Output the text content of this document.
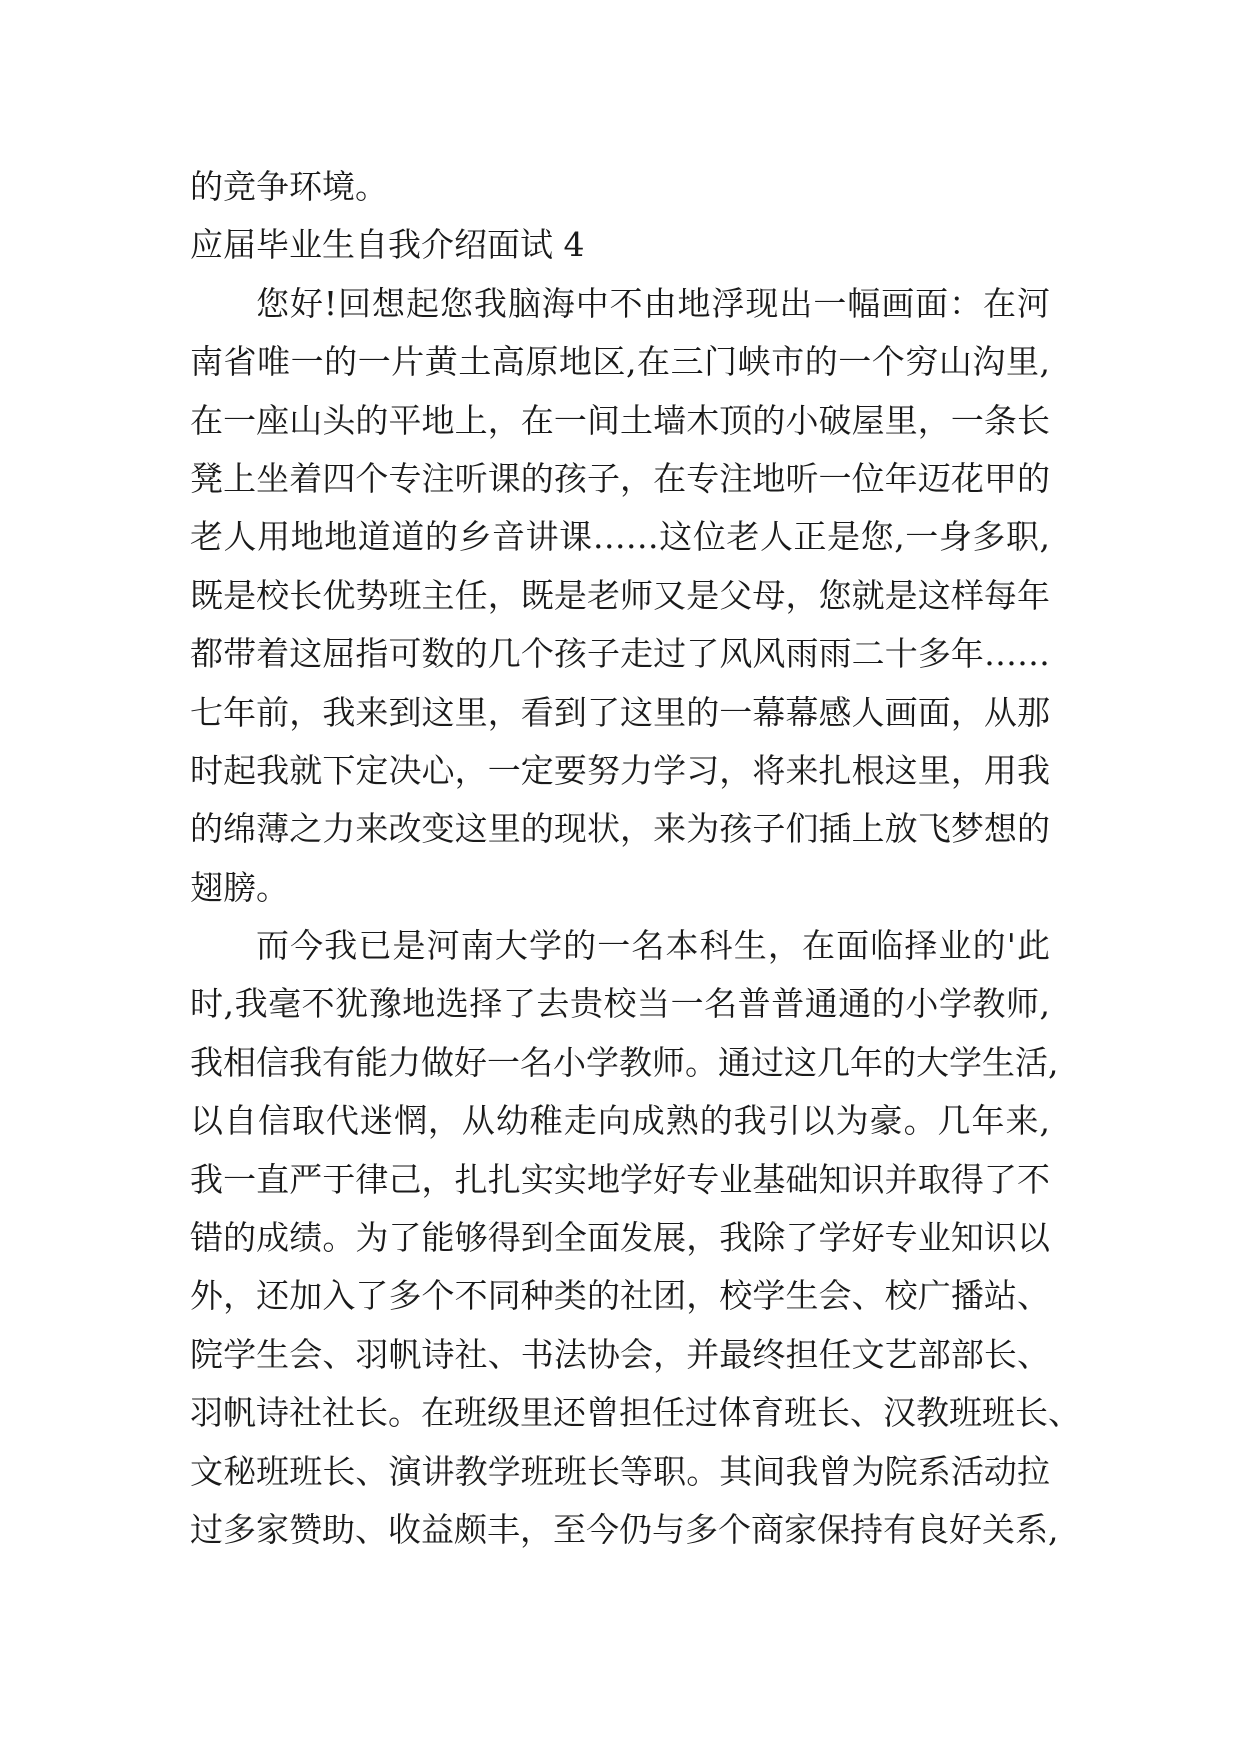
的竞争环境。
应届毕业生自我介绍面试 4
您好!回想起您我脑海中不由地浮现出一幅画面：在河
南省唯一的一片黄土高原地区,在三门峡市的一个穷山沟里,
在一座山头的平地上，在一间土墙木顶的小破屋里，一条长
凳上坐着四个专注听课的孩子，在专注地听一位年迈花甲的
老人用地地道道的乡音讲课……这位老人正是您,一身多职,
既是校长优势班主任，既是老师又是父母，您就是这样每年
都带着这屈指可数的几个孩子走过了风风雨雨二十多年……
七年前，我来到这里，看到了这里的一幕幕感人画面，从那
时起我就下定决心，一定要努力学习，将来扎根这里，用我
的绵薄之力来改变这里的现状，来为孩子们插上放飞梦想的
翅膀。
而今我已是河南大学的一名本科生，在面临择业的'此
时,我毫不犹豫地选择了去贵校当一名普普通通的小学教师,
我相信我有能力做好一名小学教师。通过这几年的大学生活,
以自信取代迷惘，从幼稚走向成熟的我引以为豪。几年来,
我一直严于律己，扎扎实实地学好专业基础知识并取得了不
错的成绩。为了能够得到全面发展，我除了学好专业知识以
外，还加入了多个不同种类的社团，校学生会、校广播站、
院学生会、羽帆诗社、书法协会，并最终担任文艺部部长、
羽帆诗社社长。在班级里还曾担任过体育班长、汉教班班长、
文秘班班长、演讲教学班班长等职。其间我曾为院系活动拉
过多家赞助、收益颇丰，至今仍与多个商家保持有良好关系,
